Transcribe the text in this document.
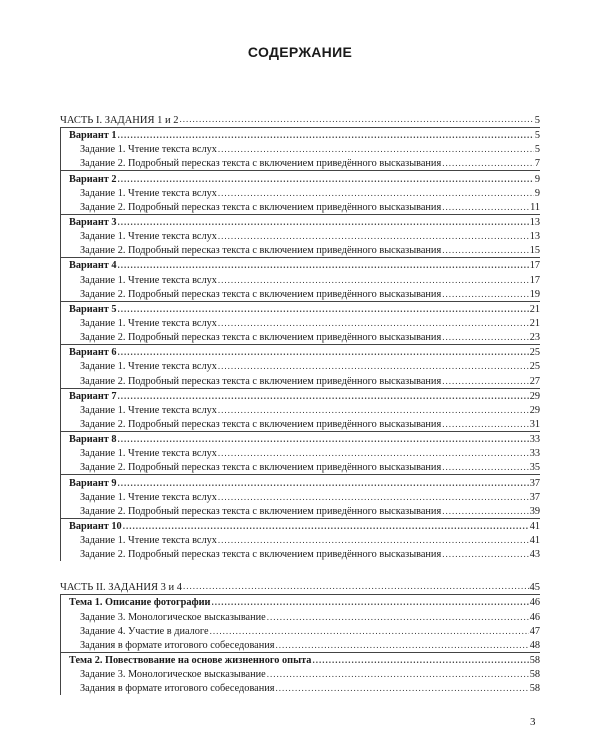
СОДЕРЖАНИЕ
ЧАСТЬ I. ЗАДАНИЯ 1 и 2 .....	5
Вариант 1 .....	5
Задание 1. Чтение текста вслух .....	5
Задание 2. Подробный пересказ текста с включением приведённого высказывания .....	7
Вариант 2 .....	9
Задание 1. Чтение текста вслух .....	9
Задание 2. Подробный пересказ текста с включением приведённого высказывания .....	11
Вариант 3 .....	13
Задание 1. Чтение текста вслух .....	13
Задание 2. Подробный пересказ текста с включением приведённого высказывания .....	15
Вариант 4 .....	17
Задание 1. Чтение текста вслух .....	17
Задание 2. Подробный пересказ текста с включением приведённого высказывания .....	19
Вариант 5 .....	21
Задание 1. Чтение текста вслух .....	21
Задание 2. Подробный пересказ текста с включением приведённого высказывания .....	23
Вариант 6 .....	25
Задание 1. Чтение текста вслух .....	25
Задание 2. Подробный пересказ текста с включением приведённого высказывания .....	27
Вариант 7 .....	29
Задание 1. Чтение текста вслух .....	29
Задание 2. Подробный пересказ текста с включением приведённого высказывания .....	31
Вариант 8 .....	33
Задание 1. Чтение текста вслух .....	33
Задание 2. Подробный пересказ текста с включением приведённого высказывания .....	35
Вариант 9 .....	37
Задание 1. Чтение текста вслух .....	37
Задание 2. Подробный пересказ текста с включением приведённого высказывания .....	39
Вариант 10 .....	41
Задание 1. Чтение текста вслух .....	41
Задание 2. Подробный пересказ текста с включением приведённого высказывания .....	43
ЧАСТЬ II. ЗАДАНИЯ 3 и 4 .....	45
Тема 1. Описание фотографии .....	46
Задание 3. Монологическое высказывание .....	46
Задание 4. Участие в диалоге .....	47
Задания в формате итогового собеседования .....	48
Тема 2. Повествование на основе жизненного опыта .....	58
Задание 3. Монологическое высказывание .....	58
Задания в формате итогового собеседования .....	58
3
